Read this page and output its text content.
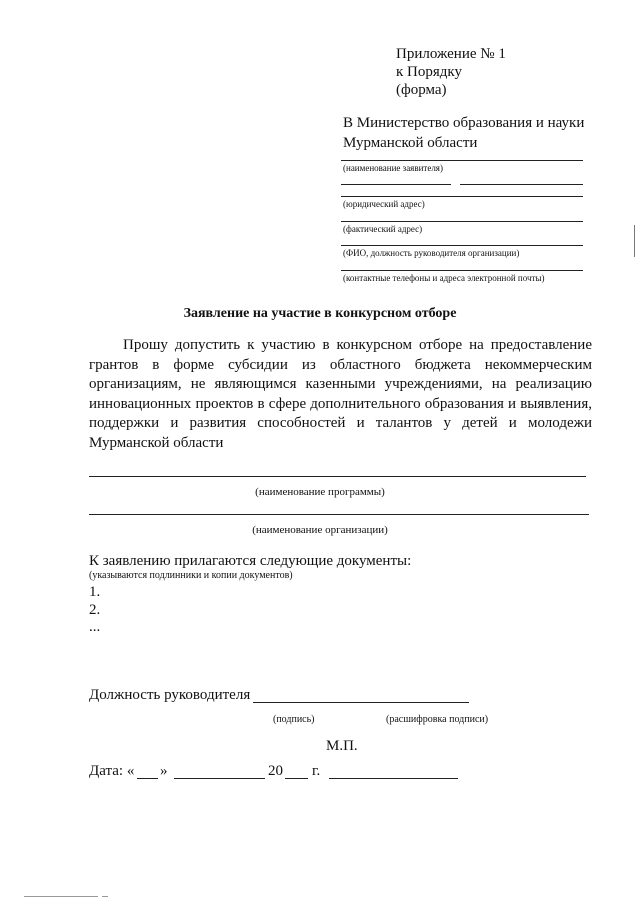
Приложение № 1
к Порядку
(форма)
В Министерство образования и науки Мурманской области
(наименование заявителя)
(юридический адрес)
(фактический адрес)
(ФИО, должность руководителя организации)
(контактные телефоны и адреса электронной почты)
Заявление на участие в конкурсном отборе

Прошу допустить к участию в конкурсном отборе на предоставление грантов в форме субсидии из областного бюджета некоммерческим организациям, не являющимся казенными учреждениями, на реализацию инновационных проектов в сфере дополнительного образования и выявления, поддержки и развития способностей и талантов у детей и молодежи Мурманской области

(наименование программы)
(наименование организации)
К заявлению прилагаются следующие документы:
(указываются подлинники и копии документов)
1.
2.
...
Должность руководителя
(подпись)	(расшифровка подписи)
М.П.
Дата: « »	20 г.
